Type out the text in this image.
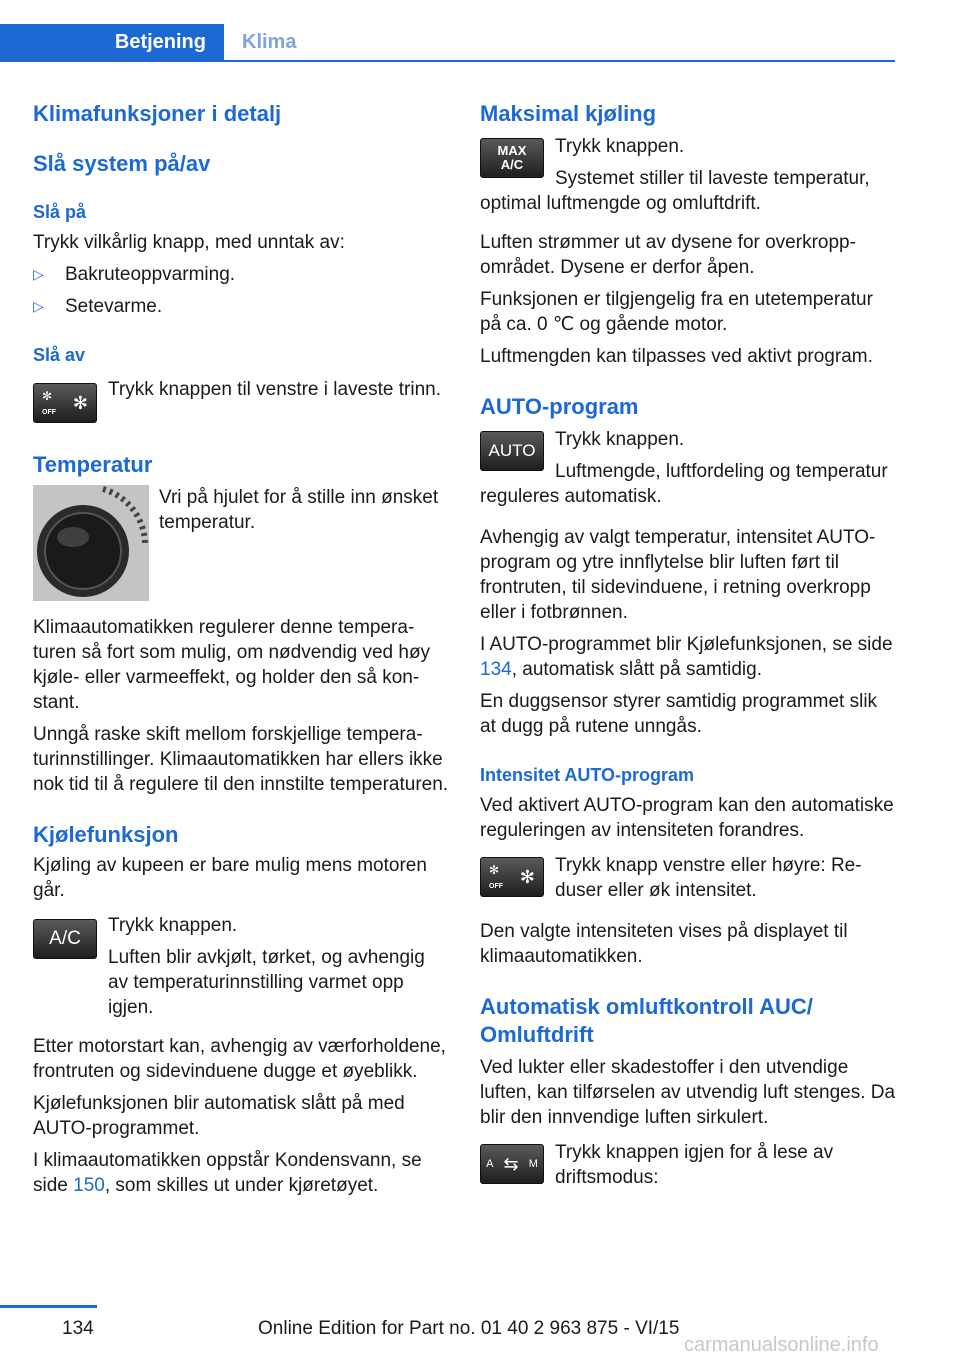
Betjening	Klima
Klimafunksjoner i detalj
Slå system på/av
Slå på

Trykk vilkårlig knapp, med unntak av:

▷	Bakruteoppvarming.
▷	Setevarme.
Slå av
✻
OFF ✻

Trykk knappen til venstre i laveste trinn.

Temperatur

Vri på hjulet for å stille inn ønsket temperatur.

Klimaautomatikken regulerer denne temperaturen så fort som mulig, om nødvendig ved høy kjøle- eller varmeeffekt, og holder den så konstant.

Unngå raske skift mellom forskjellige temperaturinnstillinger. Klimaautomatikken har ellers ikke nok tid til å regulere til den innstilte temperaturen.

Kjølefunksjon

Kjøling av kupeen er bare mulig mens motoren går.

A/C

Trykk knappen.

Luften blir avkjølt, tørket, og avhengig av temperaturinnstilling varmet opp igjen.

Etter motorstart kan, avhengig av værforholdene, frontruten og sidevinduene dugge et øyeblikk.

Kjølefunksjonen blir automatisk slått på med AUTO-programmet.

I klimaautomatikken oppstår Kondensvann, se side 150, som skilles ut under kjøretøyet.

Maksimal kjøling
MAX
A/C

Trykk knappen.

Systemet stiller til laveste temperatur, optimal luftmengde og omluftdrift.

Luften strømmer ut av dysene for overkroppområdet. Dysene er derfor åpen.

Funksjonen er tilgjengelig fra en utetemperatur på ca. 0 ℃ og gående motor.

Luftmengden kan tilpasses ved aktivt program.

AUTO-program
AUTO

Trykk knappen.

Luftmengde, luftfordeling og temperatur reguleres automatisk.

Avhengig av valgt temperatur, intensitet AUTO-program og ytre innflytelse blir luften ført til frontruten, til sidevinduene, i retning overkropp eller i fotbrønnen.

I AUTO-programmet blir Kjølefunksjonen, se side 134, automatisk slått på samtidig.

En duggsensor styrer samtidig programmet slik at dugg på rutene unngås.

Intensitet AUTO-program

Ved aktivert AUTO-program kan den automatiske reguleringen av intensiteten forandres.

✻
OFF ✻

Trykk knapp venstre eller høyre: Reduser eller øk intensitet.

Den valgte intensiteten vises på displayet til klimaautomatikken.

Automatisk omluftkontroll AUC/ Omluftdrift

Ved lukter eller skadestoffer i den utvendige luften, kan tilførselen av utvendig luft stenges. Da blir den innvendige luften sirkulert.

A ⇆ M

Trykk knappen igjen for å lese av driftsmodus:

134	Online Edition for Part no. 01 40 2 963 875 - VI/15
carmanualsonline.info
